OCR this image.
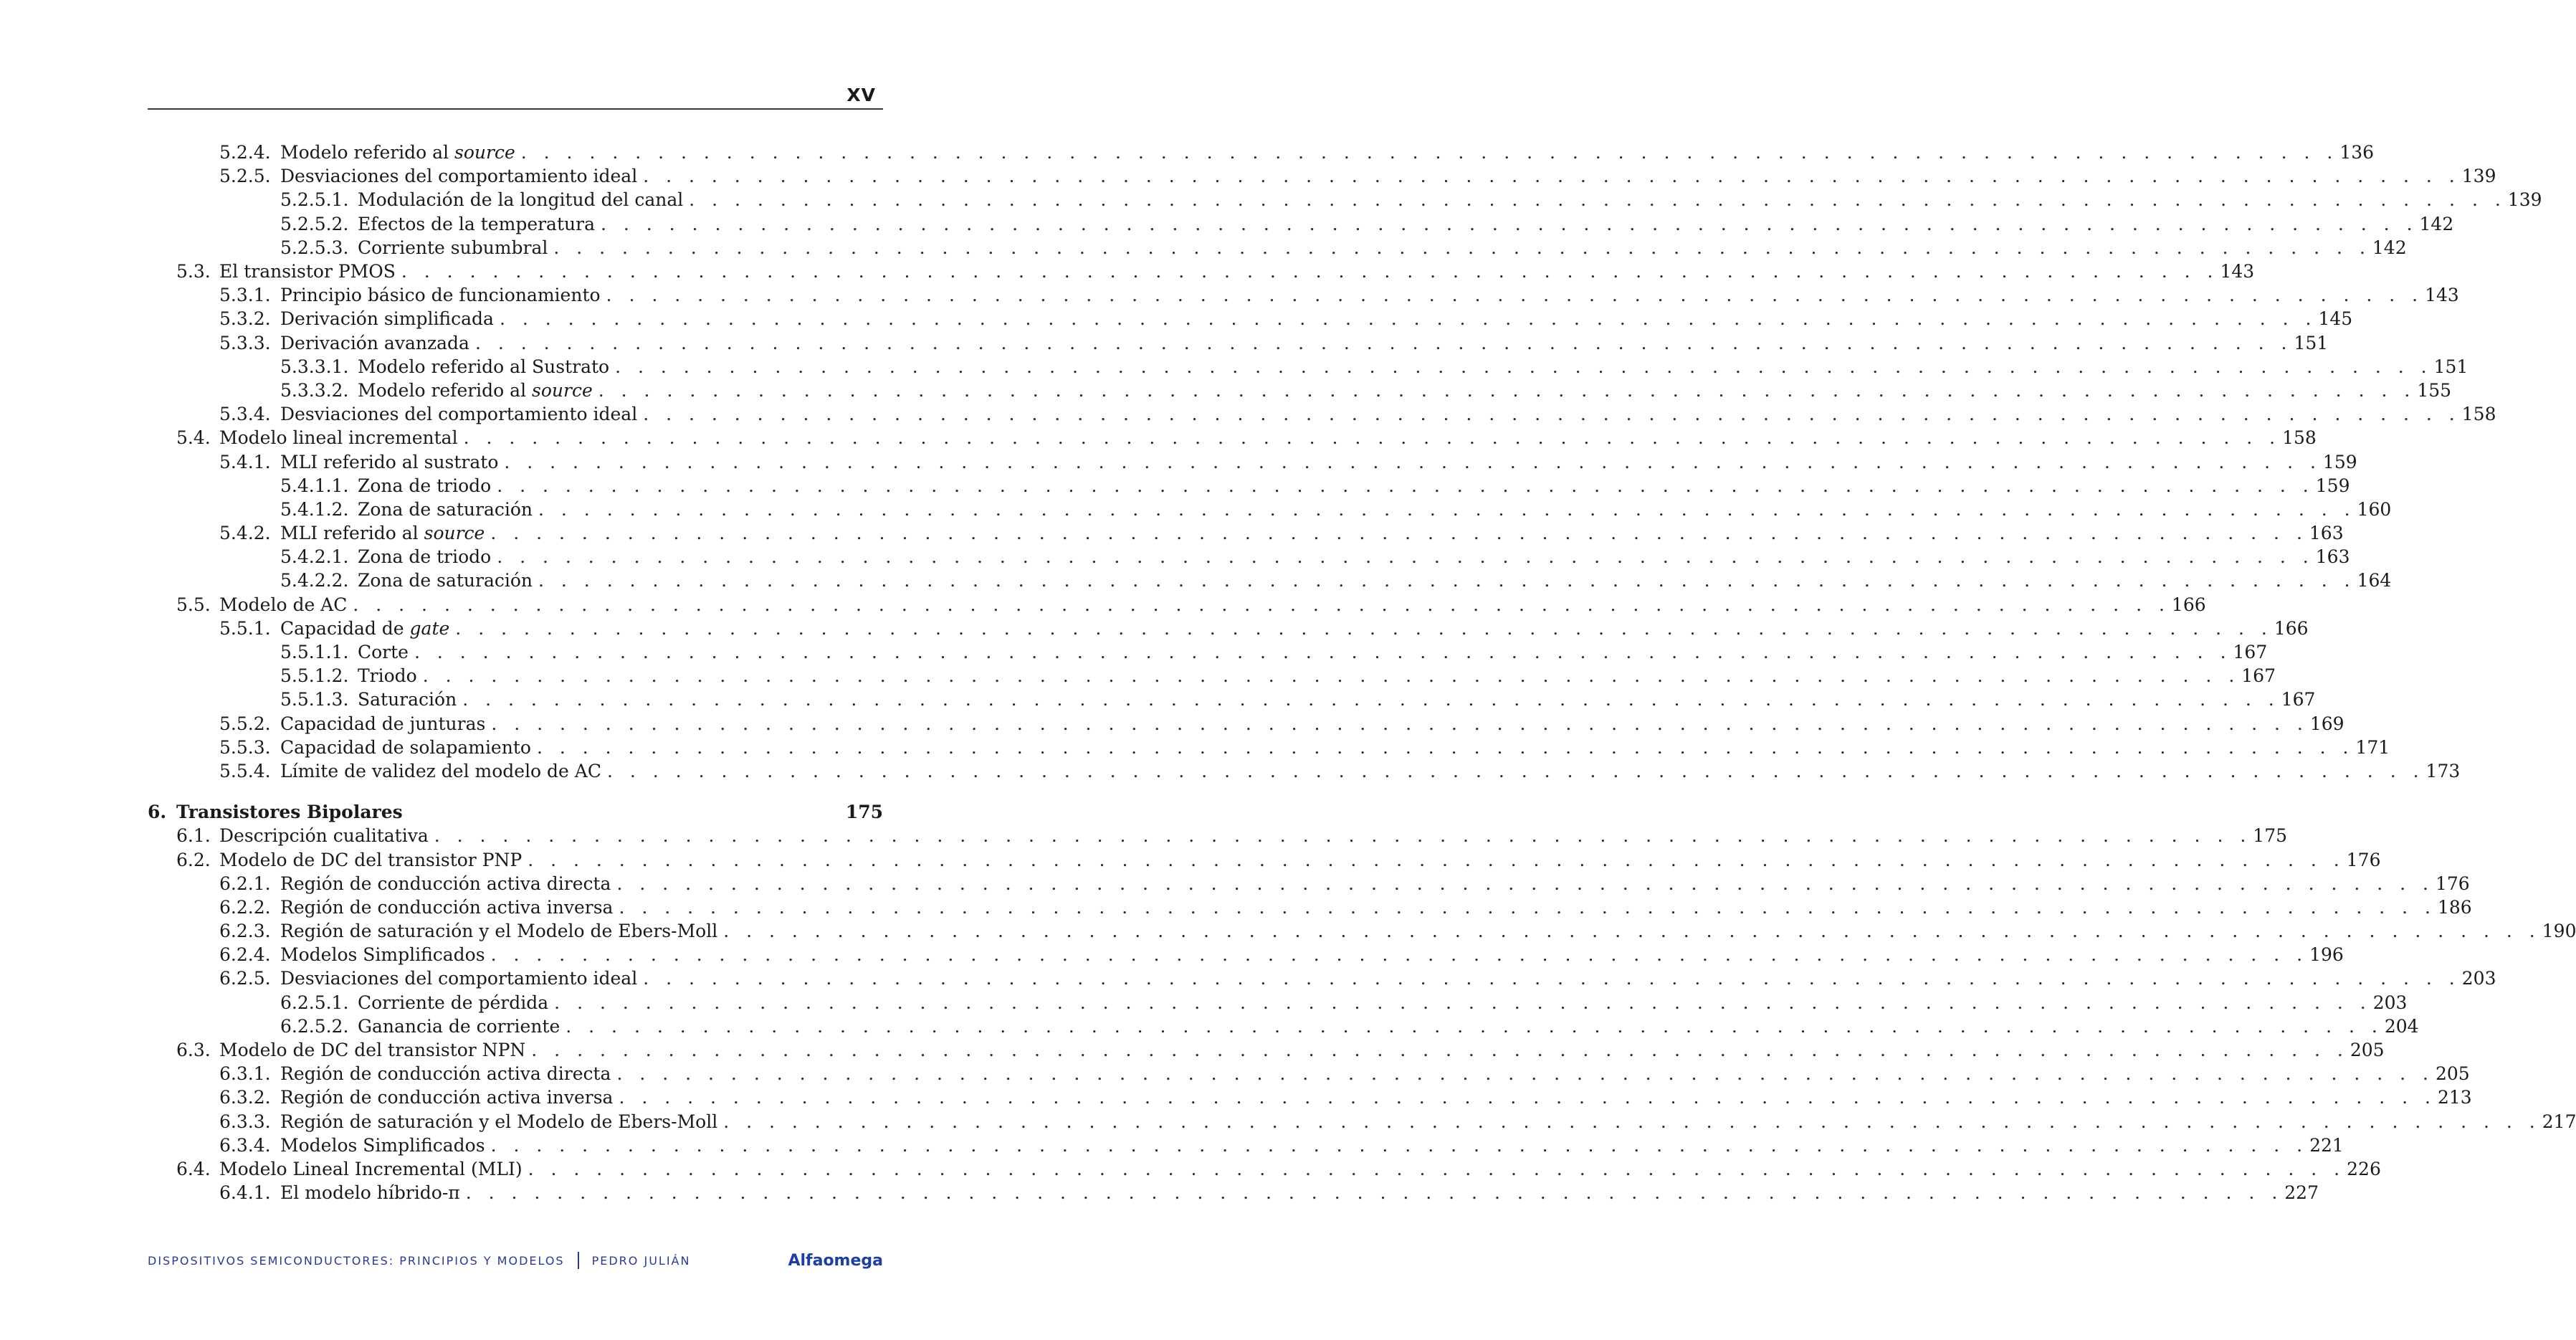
XV
5.2.4. Modelo referido al source . . . . . . . . . . . . . . . . . . . . . . . . . . . . . . . . . . . . . . . . . . . . . . . . . . . . . . . . . . . . . . . . . . . . . . . . . . . . . . . . 136
5.2.5. Desviaciones del comportamiento ideal . . . . . . . . . . . . . . . . . . . . . . . . . . . . . . . . . . . . . . . . . . . . . . . . . . . . . . . . . . . . . . . . . . . . . . . . . . . . . . . . 139
5.2.5.1. Modulación de la longitud del canal . . . . . . . . . . . . . . . . . . . . . . . . . . . . . . . . . . . . . . . . . . . . . . . . . . . . . . . . . . . . . . . . . . . . . . . . . . . . . . . . 139
5.2.5.2. Efectos de la temperatura . . . . . . . . . . . . . . . . . . . . . . . . . . . . . . . . . . . . . . . . . . . . . . . . . . . . . . . . . . . . . . . . . . . . . . . . . . . . . . . . 142
5.2.5.3. Corriente subumbral . . . . . . . . . . . . . . . . . . . . . . . . . . . . . . . . . . . . . . . . . . . . . . . . . . . . . . . . . . . . . . . . . . . . . . . . . . . . . . . . 142
5.3. El transistor PMOS . . . . . . . . . . . . . . . . . . . . . . . . . . . . . . . . . . . . . . . . . . . . . . . . . . . . . . . . . . . . . . . . . . . . . . . . . . . . . . . . 143
5.3.1. Principio básico de funcionamiento . . . . . . . . . . . . . . . . . . . . . . . . . . . . . . . . . . . . . . . . . . . . . . . . . . . . . . . . . . . . . . . . . . . . . . . . . . . . . . . . 143
5.3.2. Derivación simplificada . . . . . . . . . . . . . . . . . . . . . . . . . . . . . . . . . . . . . . . . . . . . . . . . . . . . . . . . . . . . . . . . . . . . . . . . . . . . . . . . 145
5.3.3. Derivación avanzada . . . . . . . . . . . . . . . . . . . . . . . . . . . . . . . . . . . . . . . . . . . . . . . . . . . . . . . . . . . . . . . . . . . . . . . . . . . . . . . . 151
5.3.3.1. Modelo referido al Sustrato . . . . . . . . . . . . . . . . . . . . . . . . . . . . . . . . . . . . . . . . . . . . . . . . . . . . . . . . . . . . . . . . . . . . . . . . . . . . . . . . 151
5.3.3.2. Modelo referido al source . . . . . . . . . . . . . . . . . . . . . . . . . . . . . . . . . . . . . . . . . . . . . . . . . . . . . . . . . . . . . . . . . . . . . . . . . . . . . . . . 155
5.3.4. Desviaciones del comportamiento ideal . . . . . . . . . . . . . . . . . . . . . . . . . . . . . . . . . . . . . . . . . . . . . . . . . . . . . . . . . . . . . . . . . . . . . . . . . . . . . . . . 158
5.4. Modelo lineal incremental . . . . . . . . . . . . . . . . . . . . . . . . . . . . . . . . . . . . . . . . . . . . . . . . . . . . . . . . . . . . . . . . . . . . . . . . . . . . . . . . 158
5.4.1. MLI referido al sustrato . . . . . . . . . . . . . . . . . . . . . . . . . . . . . . . . . . . . . . . . . . . . . . . . . . . . . . . . . . . . . . . . . . . . . . . . . . . . . . . . 159
5.4.1.1. Zona de triodo . . . . . . . . . . . . . . . . . . . . . . . . . . . . . . . . . . . . . . . . . . . . . . . . . . . . . . . . . . . . . . . . . . . . . . . . . . . . . . . . 159
5.4.1.2. Zona de saturación . . . . . . . . . . . . . . . . . . . . . . . . . . . . . . . . . . . . . . . . . . . . . . . . . . . . . . . . . . . . . . . . . . . . . . . . . . . . . . . . 160
5.4.2. MLI referido al source . . . . . . . . . . . . . . . . . . . . . . . . . . . . . . . . . . . . . . . . . . . . . . . . . . . . . . . . . . . . . . . . . . . . . . . . . . . . . . . . 163
5.4.2.1. Zona de triodo . . . . . . . . . . . . . . . . . . . . . . . . . . . . . . . . . . . . . . . . . . . . . . . . . . . . . . . . . . . . . . . . . . . . . . . . . . . . . . . . 163
5.4.2.2. Zona de saturación . . . . . . . . . . . . . . . . . . . . . . . . . . . . . . . . . . . . . . . . . . . . . . . . . . . . . . . . . . . . . . . . . . . . . . . . . . . . . . . . 164
5.5. Modelo de AC . . . . . . . . . . . . . . . . . . . . . . . . . . . . . . . . . . . . . . . . . . . . . . . . . . . . . . . . . . . . . . . . . . . . . . . . . . . . . . . . 166
5.5.1. Capacidad de gate . . . . . . . . . . . . . . . . . . . . . . . . . . . . . . . . . . . . . . . . . . . . . . . . . . . . . . . . . . . . . . . . . . . . . . . . . . . . . . . . 166
5.5.1.1. Corte . . . . . . . . . . . . . . . . . . . . . . . . . . . . . . . . . . . . . . . . . . . . . . . . . . . . . . . . . . . . . . . . . . . . . . . . . . . . . . . . 167
5.5.1.2. Triodo . . . . . . . . . . . . . . . . . . . . . . . . . . . . . . . . . . . . . . . . . . . . . . . . . . . . . . . . . . . . . . . . . . . . . . . . . . . . . . . . 167
5.5.1.3. Saturación . . . . . . . . . . . . . . . . . . . . . . . . . . . . . . . . . . . . . . . . . . . . . . . . . . . . . . . . . . . . . . . . . . . . . . . . . . . . . . . . 167
5.5.2. Capacidad de junturas . . . . . . . . . . . . . . . . . . . . . . . . . . . . . . . . . . . . . . . . . . . . . . . . . . . . . . . . . . . . . . . . . . . . . . . . . . . . . . . . 169
5.5.3. Capacidad de solapamiento . . . . . . . . . . . . . . . . . . . . . . . . . . . . . . . . . . . . . . . . . . . . . . . . . . . . . . . . . . . . . . . . . . . . . . . . . . . . . . . . 171
5.5.4. Límite de validez del modelo de AC . . . . . . . . . . . . . . . . . . . . . . . . . . . . . . . . . . . . . . . . . . . . . . . . . . . . . . . . . . . . . . . . . . . . . . . . . . . . . . . . 173
6. Transistores Bipolares	175
6.1. Descripción cualitativa . . . . . . . . . . . . . . . . . . . . . . . . . . . . . . . . . . . . . . . . . . . . . . . . . . . . . . . . . . . . . . . . . . . . . . . . . . . . . . . . 175
6.2. Modelo de DC del transistor PNP . . . . . . . . . . . . . . . . . . . . . . . . . . . . . . . . . . . . . . . . . . . . . . . . . . . . . . . . . . . . . . . . . . . . . . . . . . . . . . . . 176
6.2.1. Región de conducción activa directa . . . . . . . . . . . . . . . . . . . . . . . . . . . . . . . . . . . . . . . . . . . . . . . . . . . . . . . . . . . . . . . . . . . . . . . . . . . . . . . . 176
6.2.2. Región de conducción activa inversa . . . . . . . . . . . . . . . . . . . . . . . . . . . . . . . . . . . . . . . . . . . . . . . . . . . . . . . . . . . . . . . . . . . . . . . . . . . . . . . . 186
6.2.3. Región de saturación y el Modelo de Ebers-Moll . . . . . . . . . . . . . . . . . . . . . . . . . . . . . . . . . . . . . . . . . . . . . . . . . . . . . . . . . . . . . . . . . . . . . . . . . . . . . . . . 190
6.2.4. Modelos Simplificados . . . . . . . . . . . . . . . . . . . . . . . . . . . . . . . . . . . . . . . . . . . . . . . . . . . . . . . . . . . . . . . . . . . . . . . . . . . . . . . . 196
6.2.5. Desviaciones del comportamiento ideal . . . . . . . . . . . . . . . . . . . . . . . . . . . . . . . . . . . . . . . . . . . . . . . . . . . . . . . . . . . . . . . . . . . . . . . . . . . . . . . . 203
6.2.5.1. Corriente de pérdida . . . . . . . . . . . . . . . . . . . . . . . . . . . . . . . . . . . . . . . . . . . . . . . . . . . . . . . . . . . . . . . . . . . . . . . . . . . . . . . . 203
6.2.5.2. Ganancia de corriente . . . . . . . . . . . . . . . . . . . . . . . . . . . . . . . . . . . . . . . . . . . . . . . . . . . . . . . . . . . . . . . . . . . . . . . . . . . . . . . . 204
6.3. Modelo de DC del transistor NPN . . . . . . . . . . . . . . . . . . . . . . . . . . . . . . . . . . . . . . . . . . . . . . . . . . . . . . . . . . . . . . . . . . . . . . . . . . . . . . . . 205
6.3.1. Región de conducción activa directa . . . . . . . . . . . . . . . . . . . . . . . . . . . . . . . . . . . . . . . . . . . . . . . . . . . . . . . . . . . . . . . . . . . . . . . . . . . . . . . . 205
6.3.2. Región de conducción activa inversa . . . . . . . . . . . . . . . . . . . . . . . . . . . . . . . . . . . . . . . . . . . . . . . . . . . . . . . . . . . . . . . . . . . . . . . . . . . . . . . . 213
6.3.3. Región de saturación y el Modelo de Ebers-Moll . . . . . . . . . . . . . . . . . . . . . . . . . . . . . . . . . . . . . . . . . . . . . . . . . . . . . . . . . . . . . . . . . . . . . . . . . . . . . . . . 217
6.3.4. Modelos Simplificados . . . . . . . . . . . . . . . . . . . . . . . . . . . . . . . . . . . . . . . . . . . . . . . . . . . . . . . . . . . . . . . . . . . . . . . . . . . . . . . . 221
6.4. Modelo Lineal Incremental (MLI) . . . . . . . . . . . . . . . . . . . . . . . . . . . . . . . . . . . . . . . . . . . . . . . . . . . . . . . . . . . . . . . . . . . . . . . . . . . . . . . . 226
6.4.1. El modelo híbrido-π . . . . . . . . . . . . . . . . . . . . . . . . . . . . . . . . . . . . . . . . . . . . . . . . . . . . . . . . . . . . . . . . . . . . . . . . . . . . . . . . 227
DISPOSITIVOS SEMICONDUCTORES: PRINCIPIOS Y MODELOS PEDRO JULIÁN	Alfaomega
